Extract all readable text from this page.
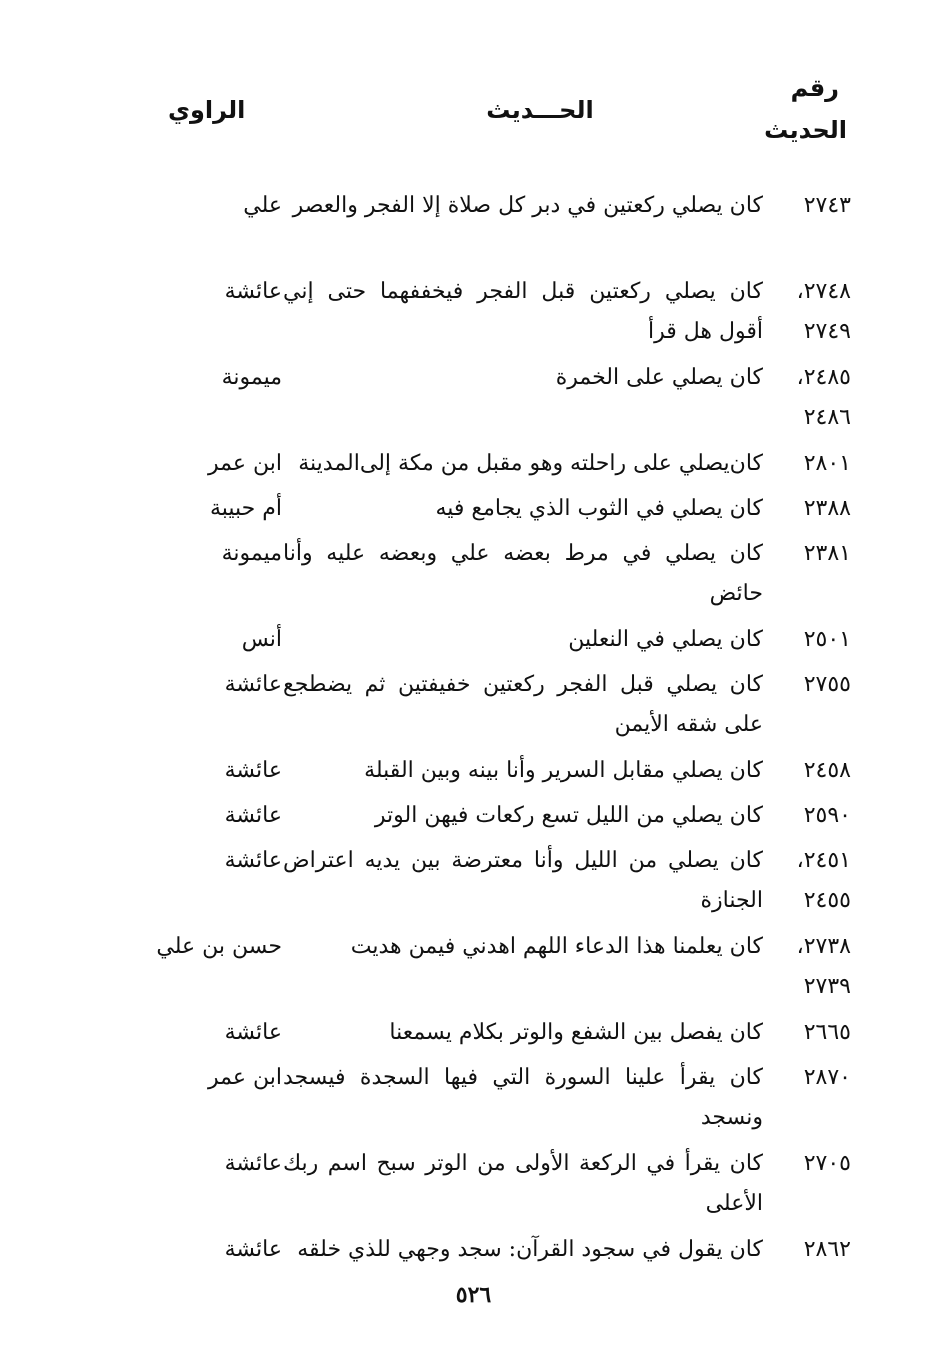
رقم
الحديث
الحـــديث
الراوي
٢٧٤٣
كان يصلي ركعتين في دبر كل صلاة إلا الفجر والعصر
علي
٢٧٤٨، ٢٧٤٩
كان يصلي ركعتين قبل الفجر فيخففهما حتى إني أقول هل قرأ
عائشة
٢٤٨٥، ٢٤٨٦
كان يصلي على الخمرة
ميمونة
٢٨٠١
كان‌يصلي على راحلته وهو مقبل من مكة إلى‌المدينة
ابن عمر
٢٣٨٨
كان يصلي في الثوب الذي يجامع فيه
أم حبيبة
٢٣٨١
كان يصلي في مرط بعضه علي وبعضه عليه وأنا حائض
ميمونة
٢٥٠١
كان يصلي في النعلين
أنس
٢٧٥٥
كان يصلي قبل الفجر ركعتين خفيفتين ثم يضطجع على شقه الأيمن
عائشة
٢٤٥٨
كان يصلي مقابل السرير وأنا بينه وبين القبلة
عائشة
٢٥٩٠
كان يصلي من الليل تسع ركعات فيهن الوتر
عائشة
٢٤٥١، ٢٤٥٥
كان يصلي من الليل وأنا معترضة بين يديه اعتراض الجنازة
عائشة
٢٧٣٨، ٢٧٣٩
كان يعلمنا هذا الدعاء اللهم اهدني فيمن هديت
حسن بن علي
٢٦٦٥
كان يفصل بين الشفع والوتر بكلام يسمعنا
عائشة
٢٨٧٠
كان يقرأ علينا السورة التي فيها السجدة فيسجد ونسجد
ابن عمر
٢٧٠٥
كان يقرأ في الركعة الأولى من الوتر سبح اسم ربك الأعلى
عائشة
٢٨٦٢
كان يقول في سجود القرآن: سجد وجهي للذي خلقه
عائشة
٥٢٦
